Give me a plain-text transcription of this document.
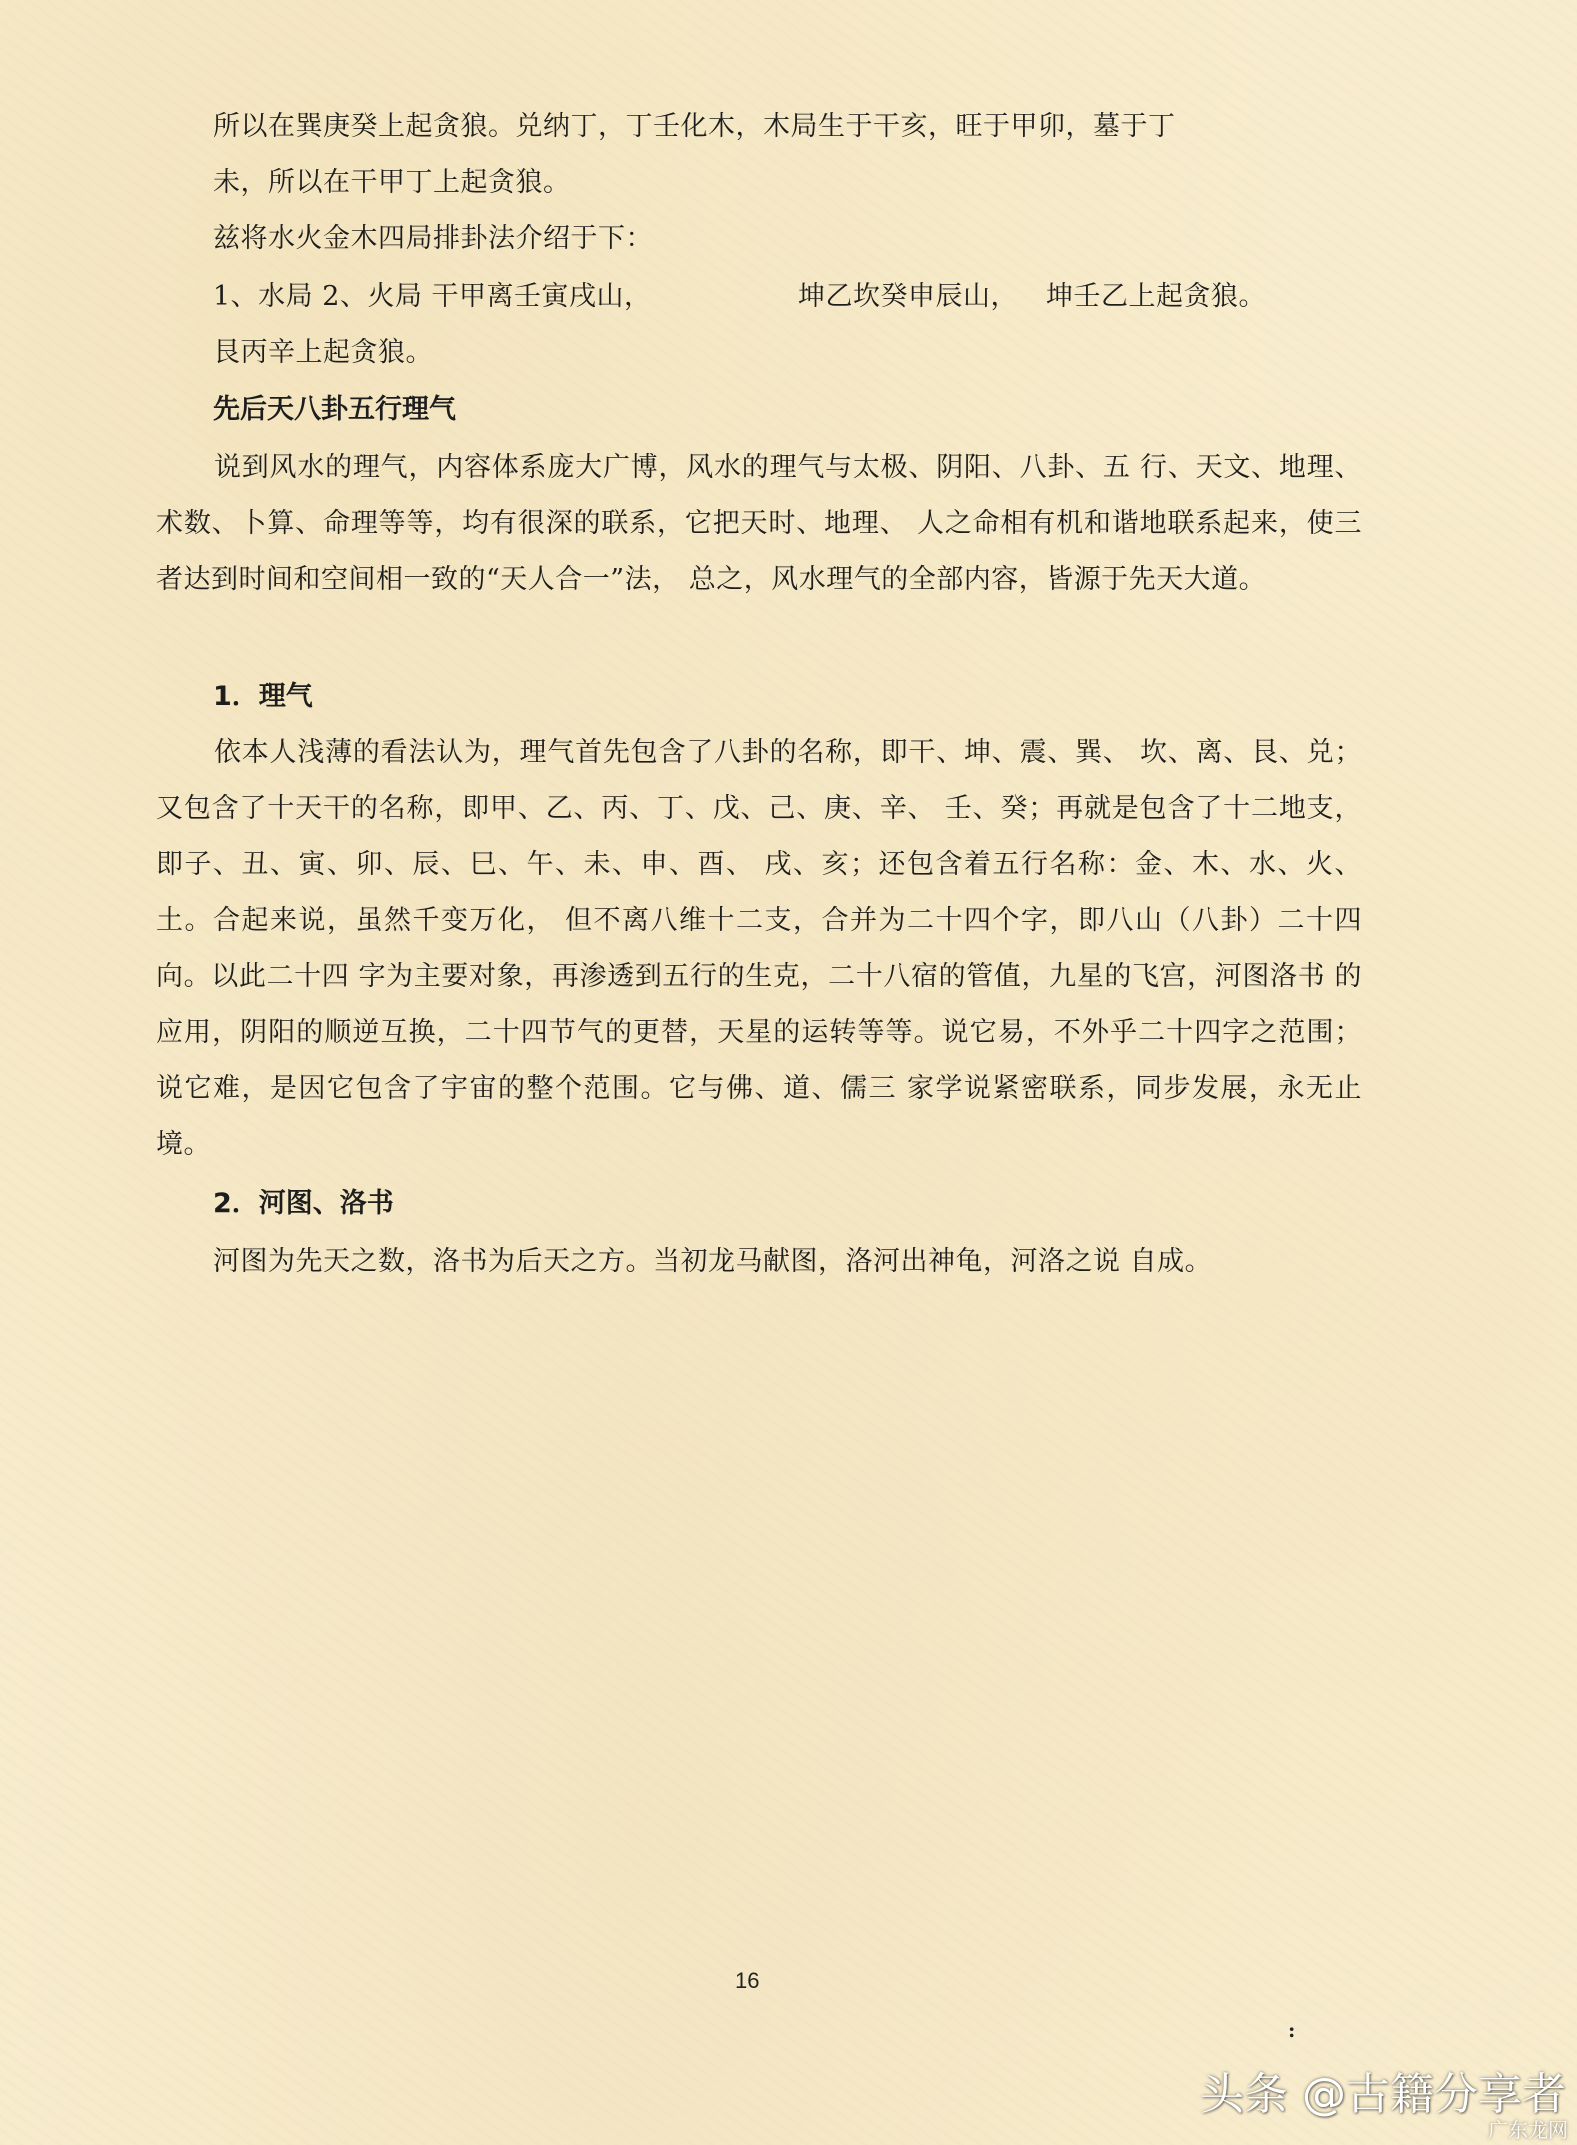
所以在巽庚癸上起贪狼。兑纳丁，丁壬化木，木局生于干亥，旺于甲卯，墓于丁
未，所以在干甲丁上起贪狼。
兹将水火金木四局排卦法介绍于下：
1、水局 2、火局 干甲离壬寅戌山，	坤乙坎癸申辰山， 坤壬乙上起贪狼。
艮丙辛上起贪狼。
先后天八卦五行理气
说到风水的理气，内容体系庞大广博，风水的理气与太极、阴阳、八卦、五 行、天文、地理、术数、卜算、命理等等，均有很深的联系，它把天时、地理、 人之命相有机和谐地联系起来，使三者达到时间和空间相一致的“天人合一”法， 总之，风水理气的全部内容，皆源于先天大道。
1．理气
依本人浅薄的看法认为，理气首先包含了八卦的名称，即干、坤、震、巽、 坎、离、艮、兑；又包含了十天干的名称，即甲、乙、丙、丁、戊、己、庚、辛、 壬、癸；再就是包含了十二地支，即子、丑、寅、卯、辰、巳、午、未、申、酉、 戌、亥；还包含着五行名称：金、木、水、火、土。合起来说，虽然千变万化， 但不离八维十二支，合并为二十四个字，即八山（八卦）二十四向。以此二十四 字为主要对象，再渗透到五行的生克，二十八宿的管值，九星的飞宫，河图洛书 的应用，阴阳的顺逆互换，二十四节气的更替，天星的运转等等。说它易，不外乎二十四字之范围；说它难，是因它包含了宇宙的整个范围。它与佛、道、儒三 家学说紧密联系，同步发展，永无止境。
2．河图、洛书
河图为先天之数，洛书为后天之方。当初龙马献图，洛河出神龟，河洛之说 自成。
16
:
头条 @古籍分享者
广东龙网
